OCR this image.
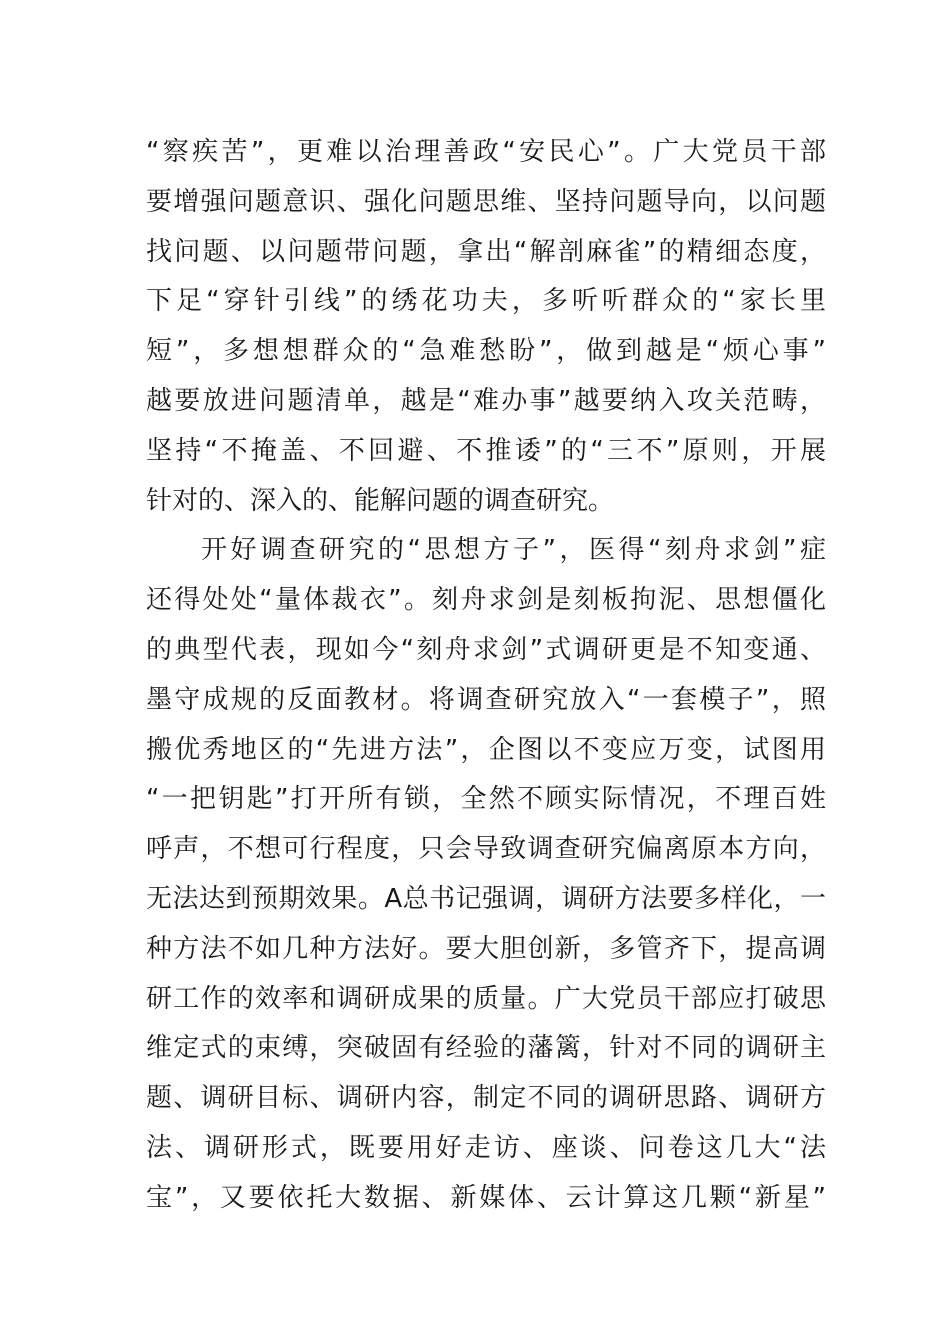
“察疾苦”，更难以治理善政“安民心”。广大党员干部
要增强问题意识、强化问题思维、坚持问题导向，以问题
找问题、以问题带问题，拿出“解剖麻雀”的精细态度，
下足“穿针引线”的绣花功夫，多听听群众的“家长里
短”，多想想群众的“急难愁盼”，做到越是“烦心事”
越要放进问题清单，越是“难办事”越要纳入攻关范畴，
坚持“不掩盖、不回避、不推诿”的“三不”原则，开展
针对的、深入的、能解问题的调查研究。
开好调查研究的“思想方子”，医得“刻舟求剑”症
还得处处“量体裁衣”。刻舟求剑是刻板拘泥、思想僵化
的典型代表，现如今“刻舟求剑”式调研更是不知变通、
墨守成规的反面教材。将调查研究放入“一套模子”，照
搬优秀地区的“先进方法”，企图以不变应万变，试图用
“一把钥匙”打开所有锁，全然不顾实际情况，不理百姓
呼声，不想可行程度，只会导致调查研究偏离原本方向，
无法达到预期效果。A总书记强调，调研方法要多样化，一
种方法不如几种方法好。要大胆创新，多管齐下，提高调
研工作的效率和调研成果的质量。广大党员干部应打破思
维定式的束缚，突破固有经验的藩篱，针对不同的调研主
题、调研目标、调研内容，制定不同的调研思路、调研方
法、调研形式，既要用好走访、座谈、问卷这几大“法
宝”，又要依托大数据、新媒体、云计算这几颗“新星”
